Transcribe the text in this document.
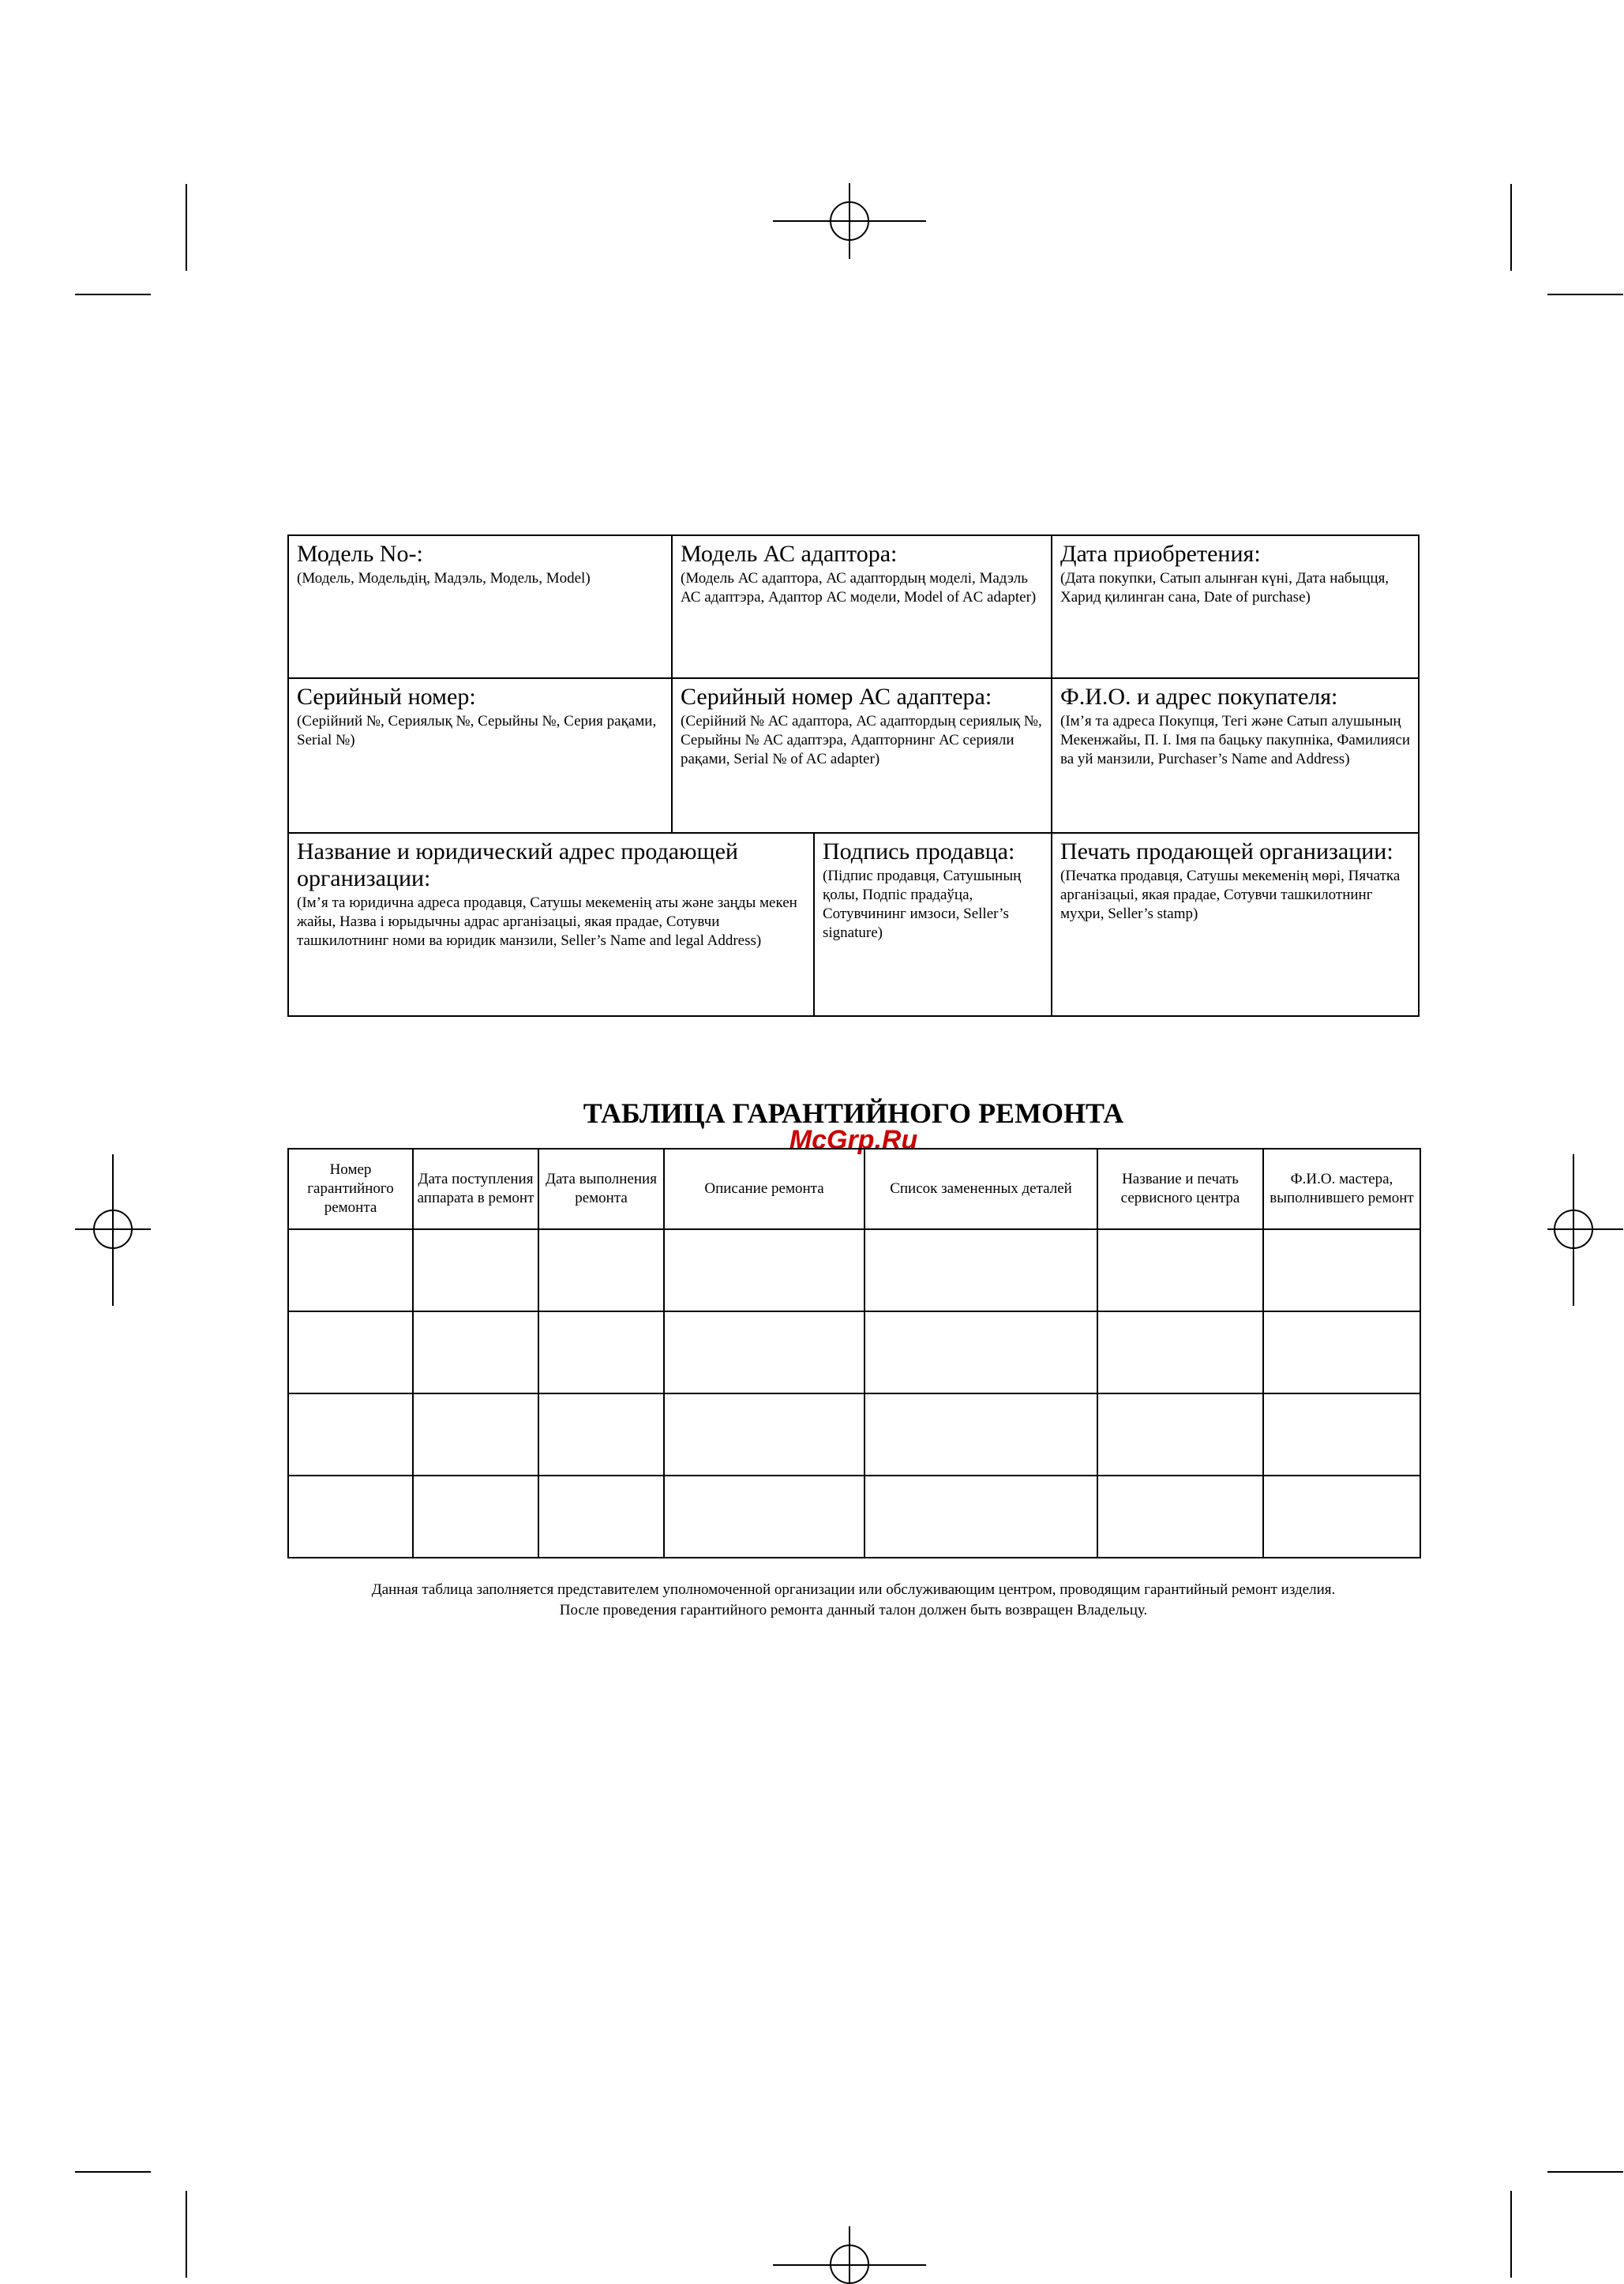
Модель No-:
(Модель, Модельдің, Мадэль, Модель, Model)
Модель АС адаптора:
(Модель АС адаптора, АС адаптордың моделі, Мадэль АС адаптэра, Адаптор АС модели, Model of AC adapter)
Дата приобретения:
(Дата покупки, Сатып алынған күні, Дата набыцця, Харид қилинган сана, Date of purchase)
Серийный номер:
(Серійний №, Сериялық №, Серыйны №, Серия рақами, Serial №)
Серийный номер АС адаптера:
(Серійний № АС адаптора, АС адаптордың сериялық №, Серыйны № АС адаптэра, Адапторнинг АС серияли рақами, Serial № of AC adapter)
Ф.И.О. и адрес покупателя:
(Ім’я та адреса Покупця, Тегі жəне Сатып алушының Мекенжайы, П. І. Імя па бацьку пакупніка, Фамилияси ва уй манзили, Purchaser’s Name and Address)
Название и юридический адрес продающей организации:
(Ім’я та юридична адреса продавця, Сатушы мекеменің аты жəне заңды мекен жайы, Назва і юрыдычны адрас арганізацыі, якая прадае, Сотувчи ташкилотнинг номи ва юридик манзили, Seller’s Name and legal Address)
Подпись продавца:
(Підпис продавця, Сатушының қолы, Подпіс прадаўца, Сотувчининг имзоси, Seller’s signature)
Печать продающей организации:
(Печатка продавця, Сатушы мекеменің мөрі, Пячатка арганізацыі, якая прадае, Сотувчи ташкилотнинг муҳри, Seller’s stamp)
ТАБЛИЦА ГАРАНТИЙНОГО РЕМОНТА
McGrp.Ru
Номер гарантийного ремонта	Дата поступления аппарата в ремонт	Дата выполнения ремонта	Описание ремонта	Список замененных деталей	Название и печать сервисного центра	Ф.И.О. мастера, выполнившего ремонт

Данная таблица заполняется представителем уполномоченной организации или обслуживающим центром, проводящим гарантийный ремонт изделия.
После проведения гарантийного ремонта данный талон должен быть возвращен Владельцу.
